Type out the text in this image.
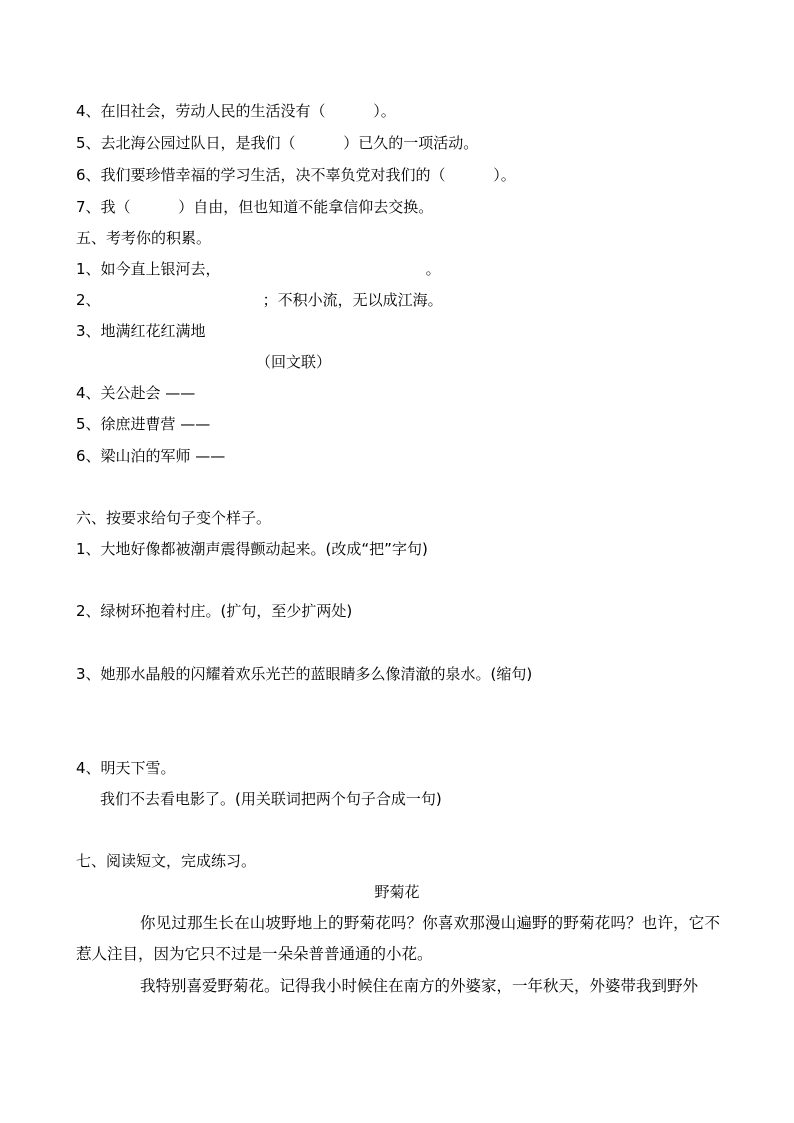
4、在旧社会，劳动人民的生活没有（          ）。

5、去北海公园过队日，是我们（          ）已久的一项活动。

6、我们要珍惜幸福的学习生活，决不辜负党对我们的（          ）。

7、我（          ）自由，但也知道不能拿信仰去交换。

五、考考你的积累。

1、如今直上银河去，                                           。

2、                                  ；不积小流，无以成江海。

3、地满红花红满地

（回文联）

4、关公赴会 ——

5、徐庶进曹营 ——

6、梁山泊的军师 ——

六、按要求给句子变个样子。

1、大地好像都被潮声震得颤动起来。(改成“把”字句)

2、绿树环抱着村庄。(扩句，至少扩两处)

3、她那水晶般的闪耀着欢乐光芒的蓝眼睛多么像清澈的泉水。(缩句)

4、明天下雪。

我们不去看电影了。(用关联词把两个句子合成一句)

七、阅读短文，完成练习。

野菊花

你见过那生长在山坡野地上的野菊花吗？你喜欢那漫山遍野的野菊花吗？也许，它不惹人注目，因为它只不过是一朵朵普普通通的小花。

我特别喜爱野菊花。记得我小时候住在南方的外婆家，一年秋天，外婆带我到野外
